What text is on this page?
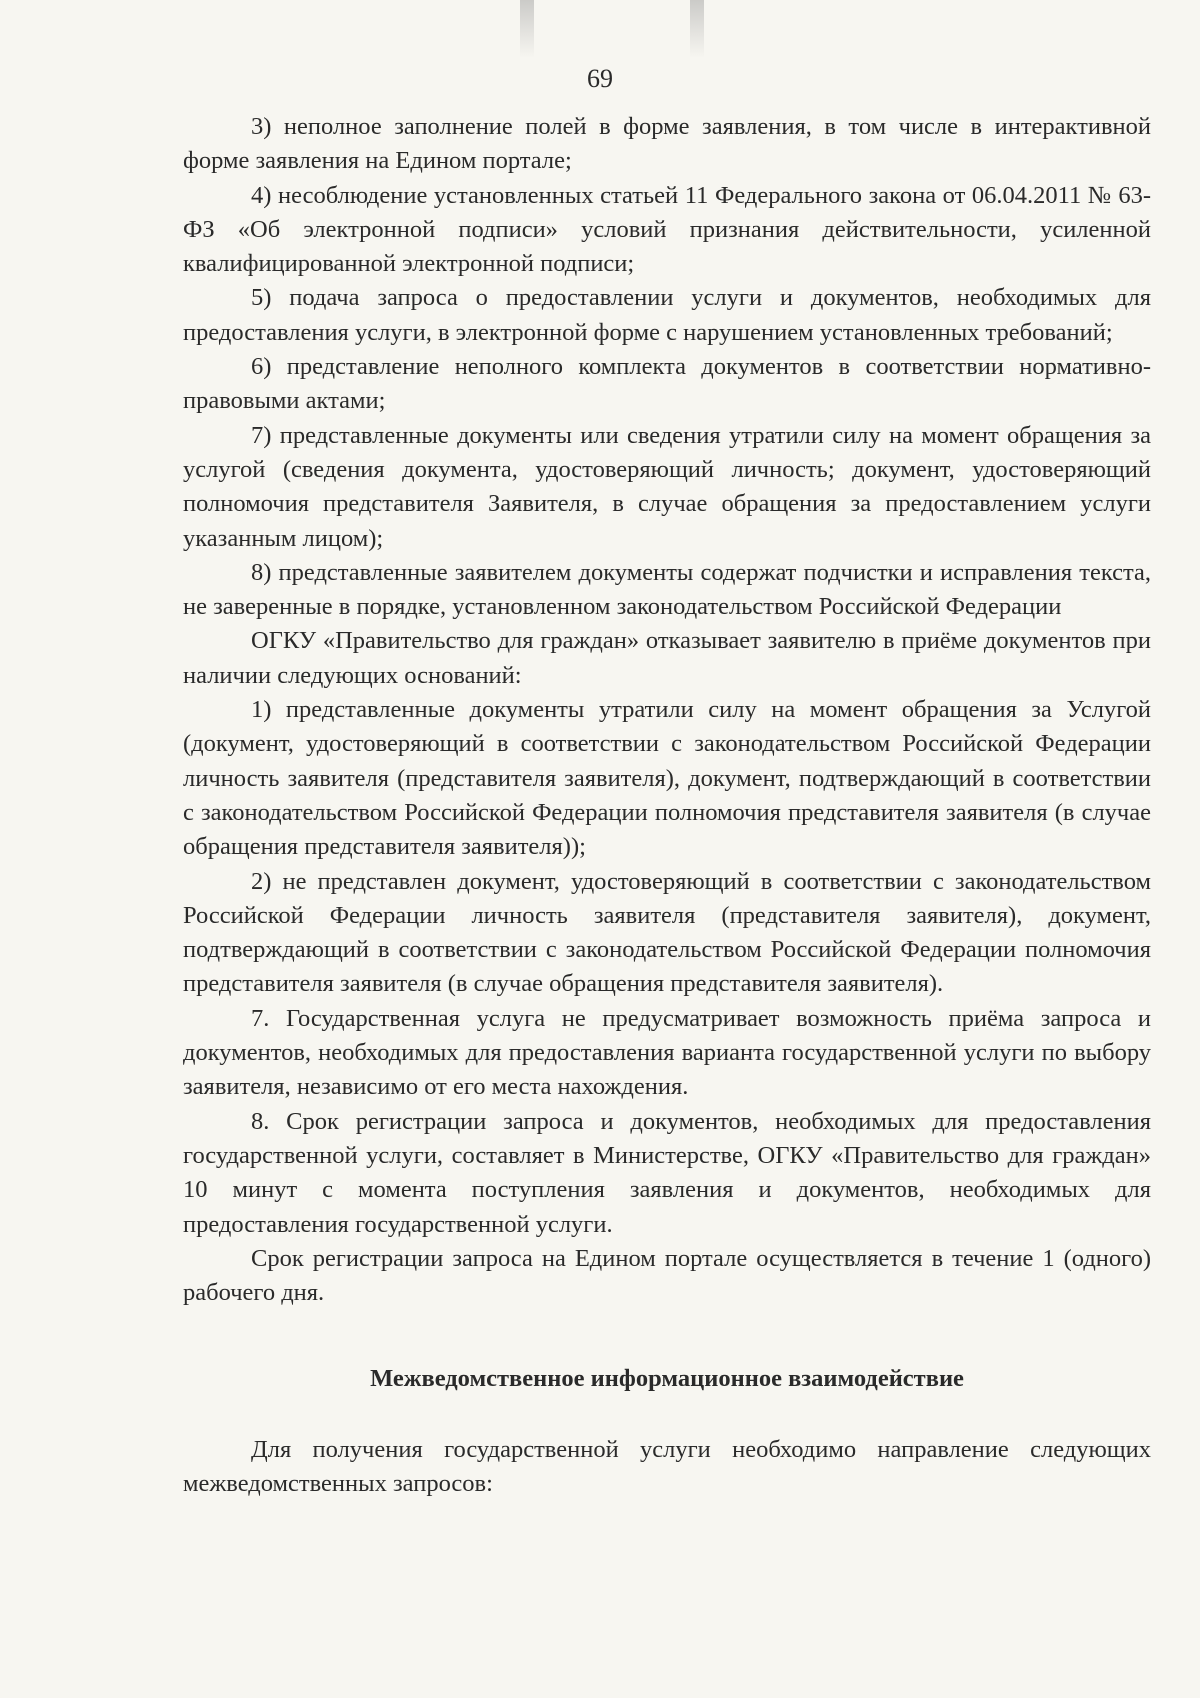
69

3) неполное заполнение полей в форме заявления, в том числе в интерактивной форме заявления на Едином портале;

4) несоблюдение установленных статьей 11 Федерального закона от 06.04.2011 № 63-ФЗ «Об электронной подписи» условий признания действительности, усиленной квалифицированной электронной подписи;

5) подача запроса о предоставлении услуги и документов, необходимых для предоставления услуги, в электронной форме с нарушением установленных требований;

6) представление неполного комплекта документов в соответствии нормативно-правовыми актами;

7) представленные документы или сведения утратили силу на момент обращения за услугой (сведения документа, удостоверяющий личность; документ, удостоверяющий полномочия представителя Заявителя, в случае обращения за предоставлением услуги указанным лицом);

8) представленные заявителем документы содержат подчистки и исправления текста, не заверенные в порядке, установленном законодательством Российской Федерации

ОГКУ «Правительство для граждан» отказывает заявителю в приёме документов при наличии следующих оснований:

1) представленные документы утратили силу на момент обращения за Услугой (документ, удостоверяющий в соответствии с законодательством Российской Федерации личность заявителя (представителя заявителя), документ, подтверждающий в соответствии с законодательством Российской Федерации полномочия представителя заявителя (в случае обращения представителя заявителя));

2) не представлен документ, удостоверяющий в соответствии с законодательством Российской Федерации личность заявителя (представителя заявителя), документ, подтверждающий в соответствии с законодательством Российской Федерации полномочия представителя заявителя (в случае обращения представителя заявителя).

7. Государственная услуга не предусматривает возможность приёма запроса и документов, необходимых для предоставления варианта государственной услуги по выбору заявителя, независимо от его места нахождения.

8. Срок регистрации запроса и документов, необходимых для предоставления государственной услуги, составляет в Министерстве, ОГКУ «Правительство для граждан» 10 минут с момента поступления заявления и документов, необходимых для предоставления государственной услуги.

Срок регистрации запроса на Едином портале осуществляется в течение 1 (одного) рабочего дня.

Межведомственное информационное взаимодействие

Для получения государственной услуги необходимо направление следующих межведомственных запросов:
